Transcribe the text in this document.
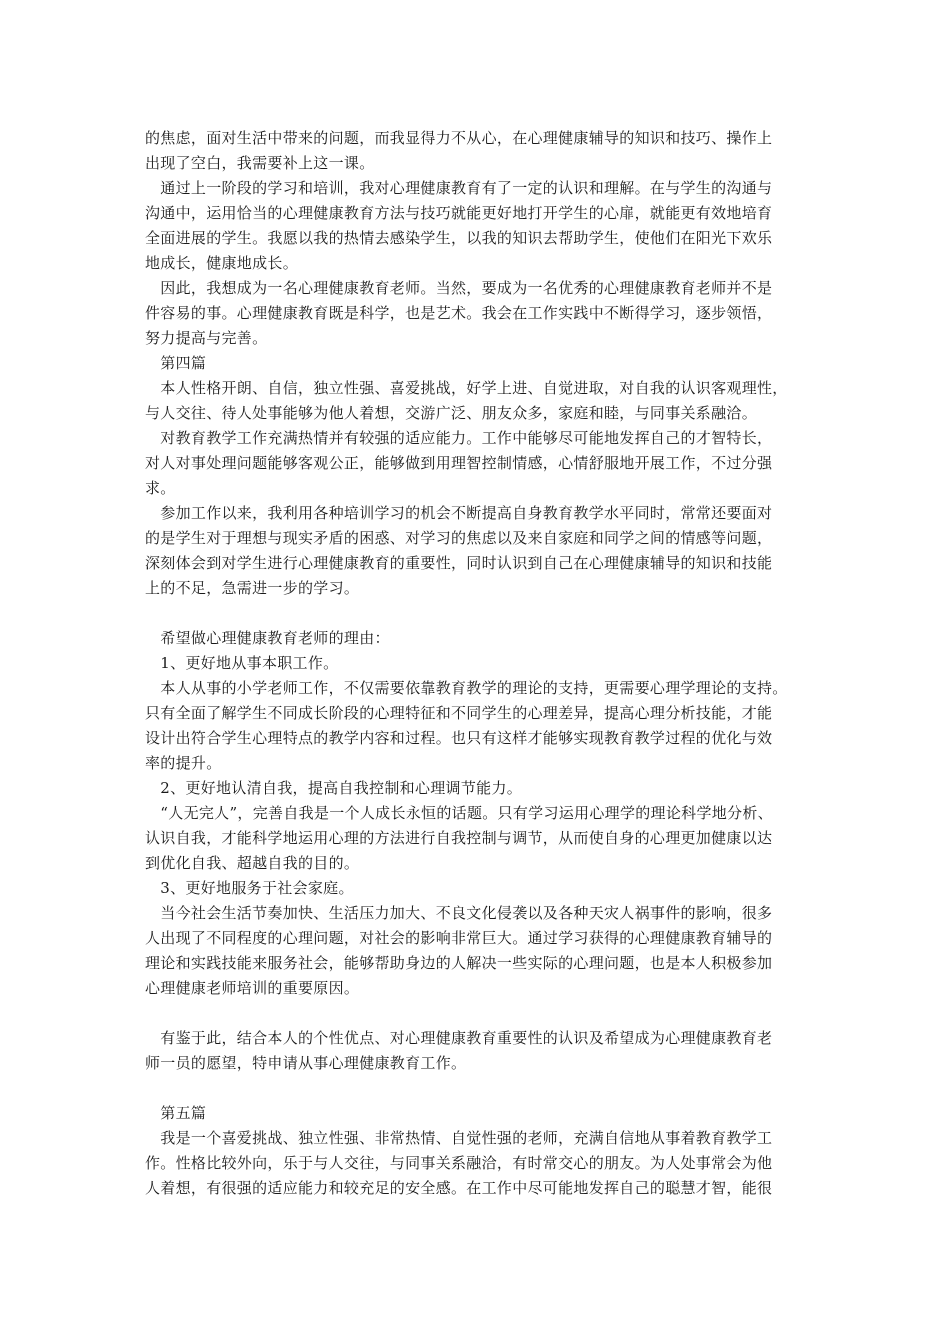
的焦虑，面对生活中带来的问题，而我显得力不从心，在心理健康辅导的知识和技巧、操作上
出现了空白，我需要补上这一课。
　通过上一阶段的学习和培训，我对心理健康教育有了一定的认识和理解。在与学生的沟通与
沟通中，运用恰当的心理健康教育方法与技巧就能更好地打开学生的心扉，就能更有效地培育
全面进展的学生。我愿以我的热情去感染学生，以我的知识去帮助学生，使他们在阳光下欢乐
地成长，健康地成长。
　因此，我想成为一名心理健康教育老师。当然，要成为一名优秀的心理健康教育老师并不是
件容易的事。心理健康教育既是科学，也是艺术。我会在工作实践中不断得学习，逐步领悟，
努力提高与完善。
　第四篇
　本人性格开朗、自信，独立性强、喜爱挑战，好学上进、自觉进取，对自我的认识客观理性，
与人交往、待人处事能够为他人着想，交游广泛、朋友众多，家庭和睦，与同事关系融洽。
　对教育教学工作充满热情并有较强的适应能力。工作中能够尽可能地发挥自己的才智特长，
对人对事处理问题能够客观公正，能够做到用理智控制情感，心情舒服地开展工作，不过分强
求。
　参加工作以来，我利用各种培训学习的机会不断提高自身教育教学水平同时，常常还要面对
的是学生对于理想与现实矛盾的困惑、对学习的焦虑以及来自家庭和同学之间的情感等问题，
深刻体会到对学生进行心理健康教育的重要性，同时认识到自己在心理健康辅导的知识和技能
上的不足，急需进一步的学习。
　希望做心理健康教育老师的理由：
　1、更好地从事本职工作。
　本人从事的小学老师工作，不仅需要依靠教育教学的理论的支持，更需要心理学理论的支持。
只有全面了解学生不同成长阶段的心理特征和不同学生的心理差异，提高心理分析技能，才能
设计出符合学生心理特点的教学内容和过程。也只有这样才能够实现教育教学过程的优化与效
率的提升。
　2、更好地认清自我，提高自我控制和心理调节能力。
　“人无完人”，完善自我是一个人成长永恒的话题。只有学习运用心理学的理论科学地分析、
认识自我，才能科学地运用心理的方法进行自我控制与调节，从而使自身的心理更加健康以达
到优化自我、超越自我的目的。
　3、更好地服务于社会家庭。
　当今社会生活节奏加快、生活压力加大、不良文化侵袭以及各种天灾人祸事件的影响，很多
人出现了不同程度的心理问题，对社会的影响非常巨大。通过学习获得的心理健康教育辅导的
理论和实践技能来服务社会，能够帮助身边的人解决一些实际的心理问题，也是本人积极参加
心理健康老师培训的重要原因。
　有鉴于此，结合本人的个性优点、对心理健康教育重要性的认识及希望成为心理健康教育老
师一员的愿望，特申请从事心理健康教育工作。
　第五篇
　我是一个喜爱挑战、独立性强、非常热情、自觉性强的老师，充满自信地从事着教育教学工
作。性格比较外向，乐于与人交往，与同事关系融洽，有时常交心的朋友。为人处事常会为他
人着想，有很强的适应能力和较充足的安全感。在工作中尽可能地发挥自己的聪慧才智，能很
